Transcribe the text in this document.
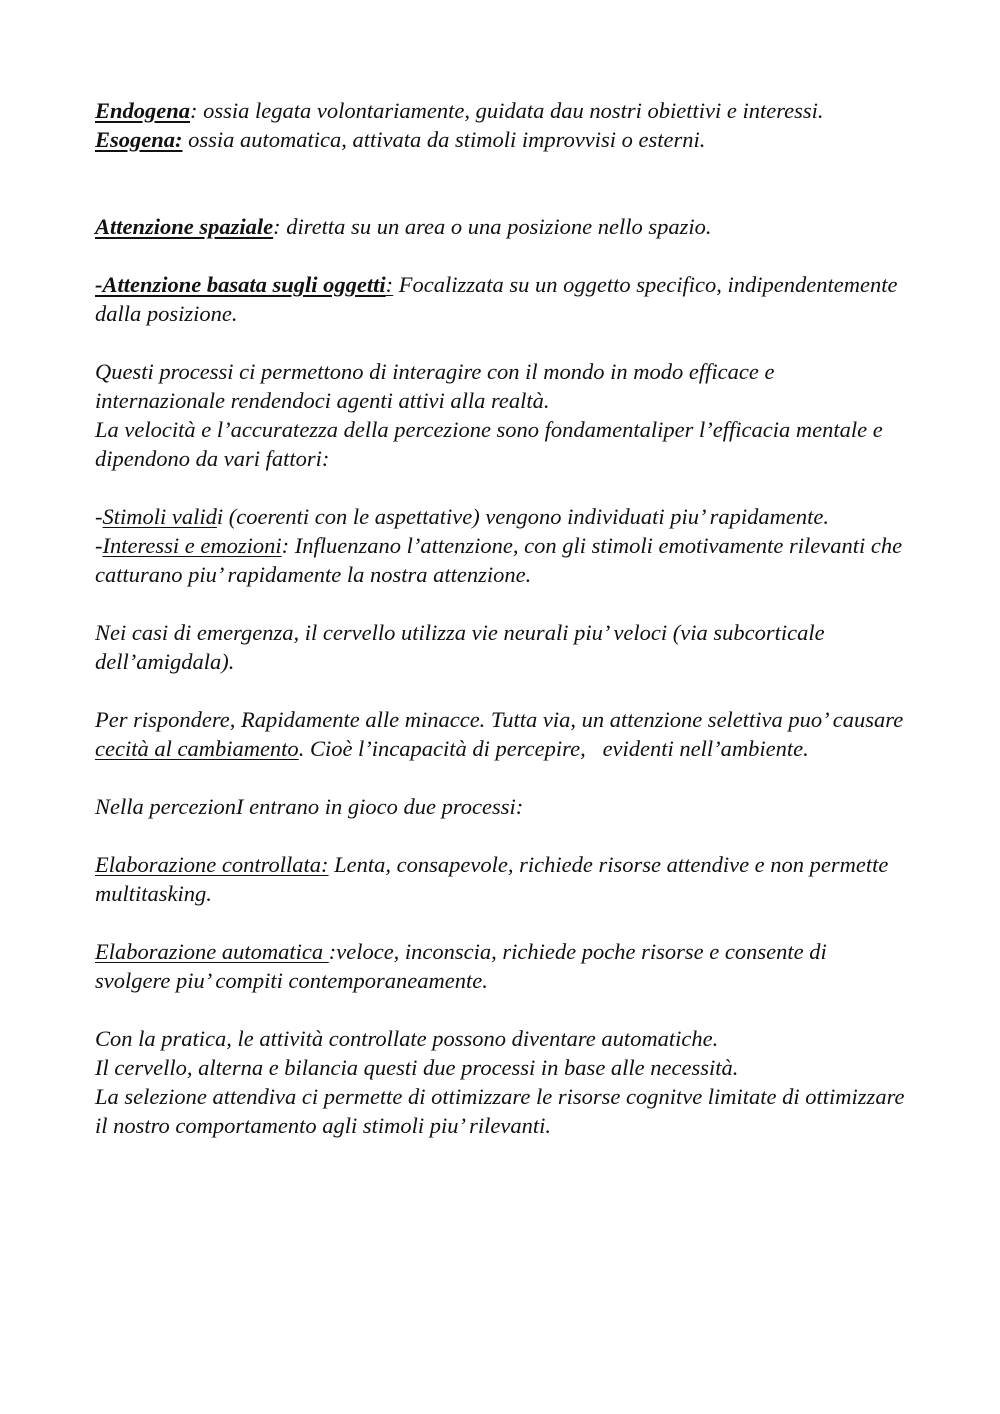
Endogena: ossia legata volontariamente, guidata dau nostri obiettivi e interessi.

Esogena: ossia automatica, attivata da stimoli improvvisi o esterni.

Attenzione spaziale: diretta su un area o una posizione nello spazio.

-Attenzione basata sugli oggetti: Focalizzata su un oggetto specifico, indipendentemente dalla posizione.

Questi processi ci permettono di interagire con il mondo in modo efficace e internazionale rendendoci agenti attivi alla realtà.

La velocità e l’accuratezza della percezione sono fondamentaliper l’efficacia mentale e dipendono da vari fattori:

-Stimoli validi (coerenti con le aspettative) vengono individuati piu’ rapidamente.

-Interessi e emozioni: Influenzano l’attenzione, con gli stimoli emotivamente rilevanti che catturano piu’ rapidamente la nostra attenzione.

Nei casi di emergenza, il cervello utilizza vie neurali piu’ veloci (via subcorticale dell’amigdala).

Per rispondere, Rapidamente alle minacce. Tutta via, un attenzione selettiva puo’ causare cecità al cambiamento. Cioè l’incapacità di percepire,   evidenti nell’ambiente.

Nella percezionI entrano in gioco due processi:

Elaborazione controllata: Lenta, consapevole, richiede risorse attendive e non permette multitasking.

Elaborazione automatica :veloce, inconscia, richiede poche risorse e consente di svolgere piu’ compiti contemporaneamente.

Con la pratica, le attività controllate possono diventare automatiche.

Il cervello, alterna e bilancia questi due processi in base alle necessità.

La selezione attendiva ci permette di ottimizzare le risorse cognitve limitate di ottimizzare il nostro comportamento agli stimoli piu’ rilevanti.
